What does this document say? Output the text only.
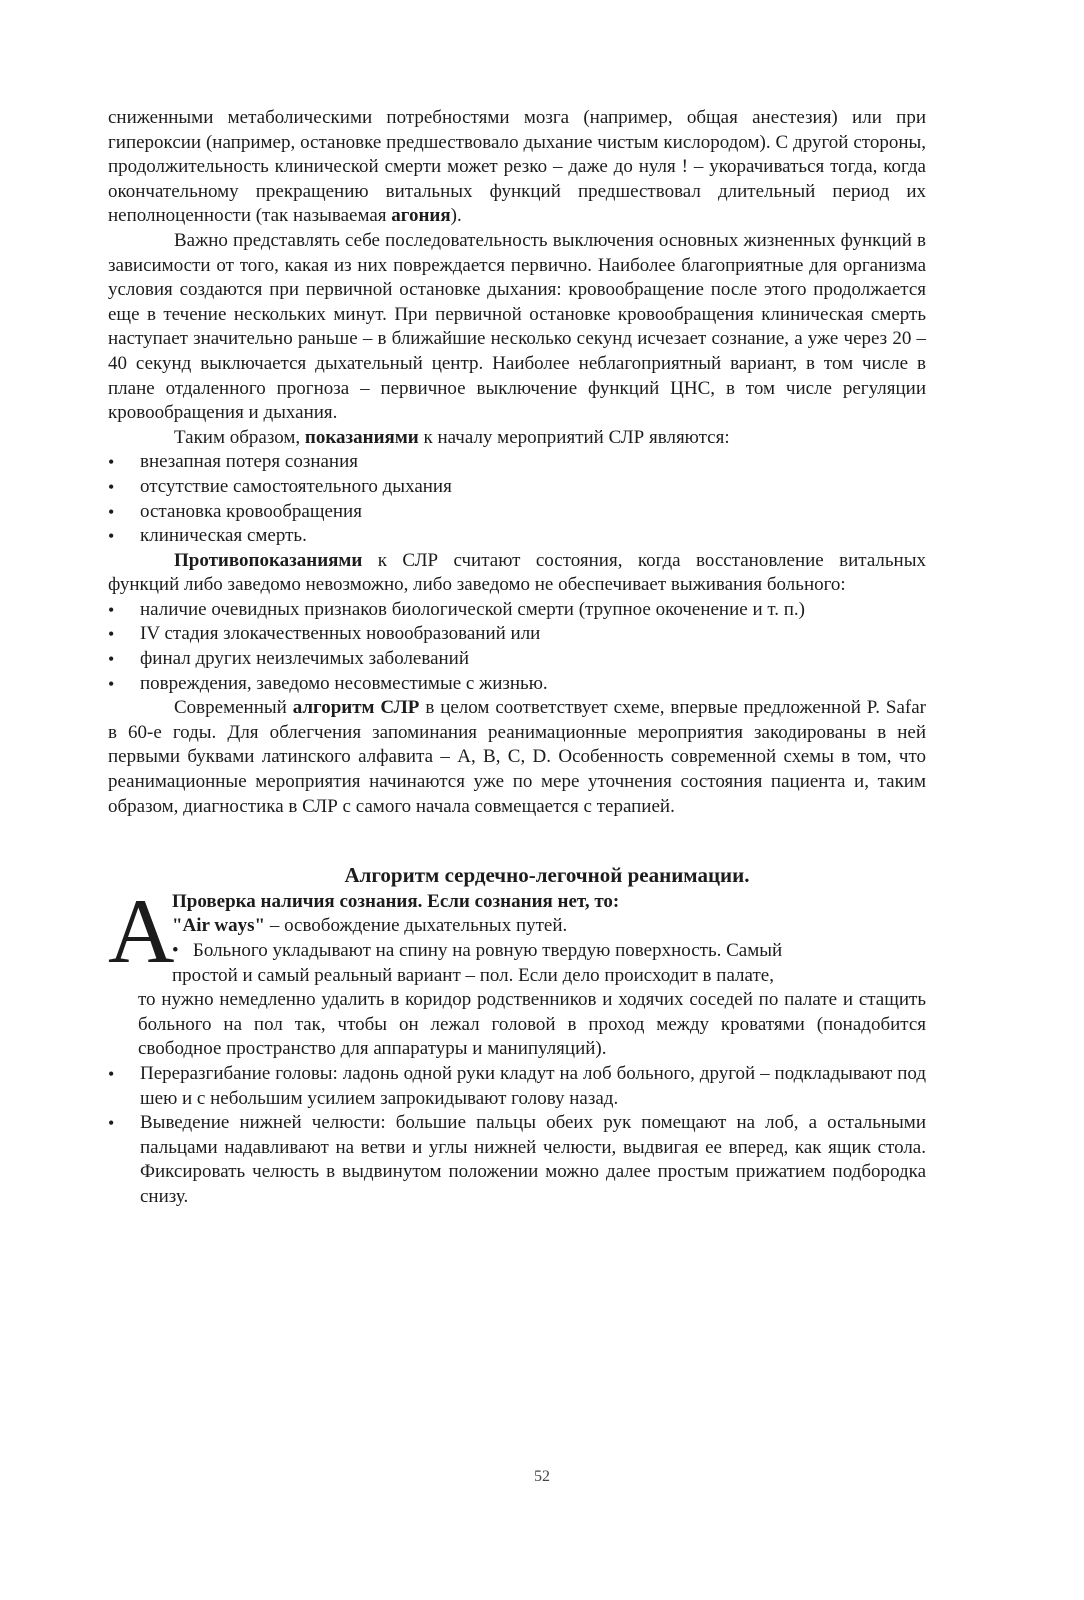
сниженными метаболическими потребностями мозга (например, общая анестезия) или при гипероксии (например, остановке предшествовало дыхание чистым кислородом). С другой стороны, продолжительность клинической смерти может резко – даже до нуля ! – укорачиваться тогда, когда окончательному прекращению витальных функций предшествовал длительный период их неполноценности (так называемая агония).

Важно представлять себе последовательность выключения основных жизненных функций в зависимости от того, какая из них повреждается первично. Наиболее благоприятные для организма условия создаются при первичной остановке дыхания: кровообращение после этого продолжается еще в течение нескольких минут. При первичной остановке кровообращения клиническая смерть наступает значительно раньше – в ближайшие несколько секунд исчезает сознание, а уже через 20 – 40 секунд выключается дыхательный центр. Наиболее неблагоприятный вариант, в том числе в плане отдаленного прогноза – первичное выключение функций ЦНС, в том числе регуляции кровообращения и дыхания.

Таким образом, показаниями к началу мероприятий СЛР являются:

• внезапная потеря сознания
• отсутствие самостоятельного дыхания
• остановка кровообращения
• клиническая смерть.

Противопоказаниями к СЛР считают состояния, когда восстановление витальных функций либо заведомо невозможно, либо заведомо не обеспечивает выживания больного:

• наличие очевидных признаков биологической смерти (трупное окоченение и т. п.)
• IV стадия злокачественных новообразований или
• финал других неизлечимых заболеваний
• повреждения, заведомо несовместимые с жизнью.

Современный алгоритм СЛР в целом соответствует схеме, впервые предложенной P. Safar в 60-е годы. Для облегчения запоминания реанимационные мероприятия закодированы в ней первыми буквами латинского алфавита – A, B, C, D. Особенность современной схемы в том, что реанимационные мероприятия начинаются уже по мере уточнения состояния пациента и, таким образом, диагностика в СЛР с самого начала совмещается с терапией.

Алгоритм сердечно-легочной реанимации.
А
Проверка наличия сознания. Если сознания нет, то:
"Air ways" – освобождение дыхательных путей.
•   Больного укладывают на спину на ровную твердую поверхность. Самый
простой и самый реальный вариант – пол. Если дело происходит в палате,
то нужно немедленно удалить в коридор родственников и ходячих соседей по палате и стащить больного на пол так, чтобы он лежал головой в проход между кроватями (понадобится свободное пространство для аппаратуры и манипуляций).
• Переразгибание головы: ладонь одной руки кладут на лоб больного, другой – подкладывают под шею и с небольшим усилием запрокидывают голову назад.
• Выведение нижней челюсти: большие пальцы обеих рук помещают на лоб, а остальными пальцами надавливают на ветви и углы нижней челюсти, выдвигая ее вперед, как ящик стола. Фиксировать челюсть в выдвинутом положении можно далее простым прижатием подбородка снизу.
52
